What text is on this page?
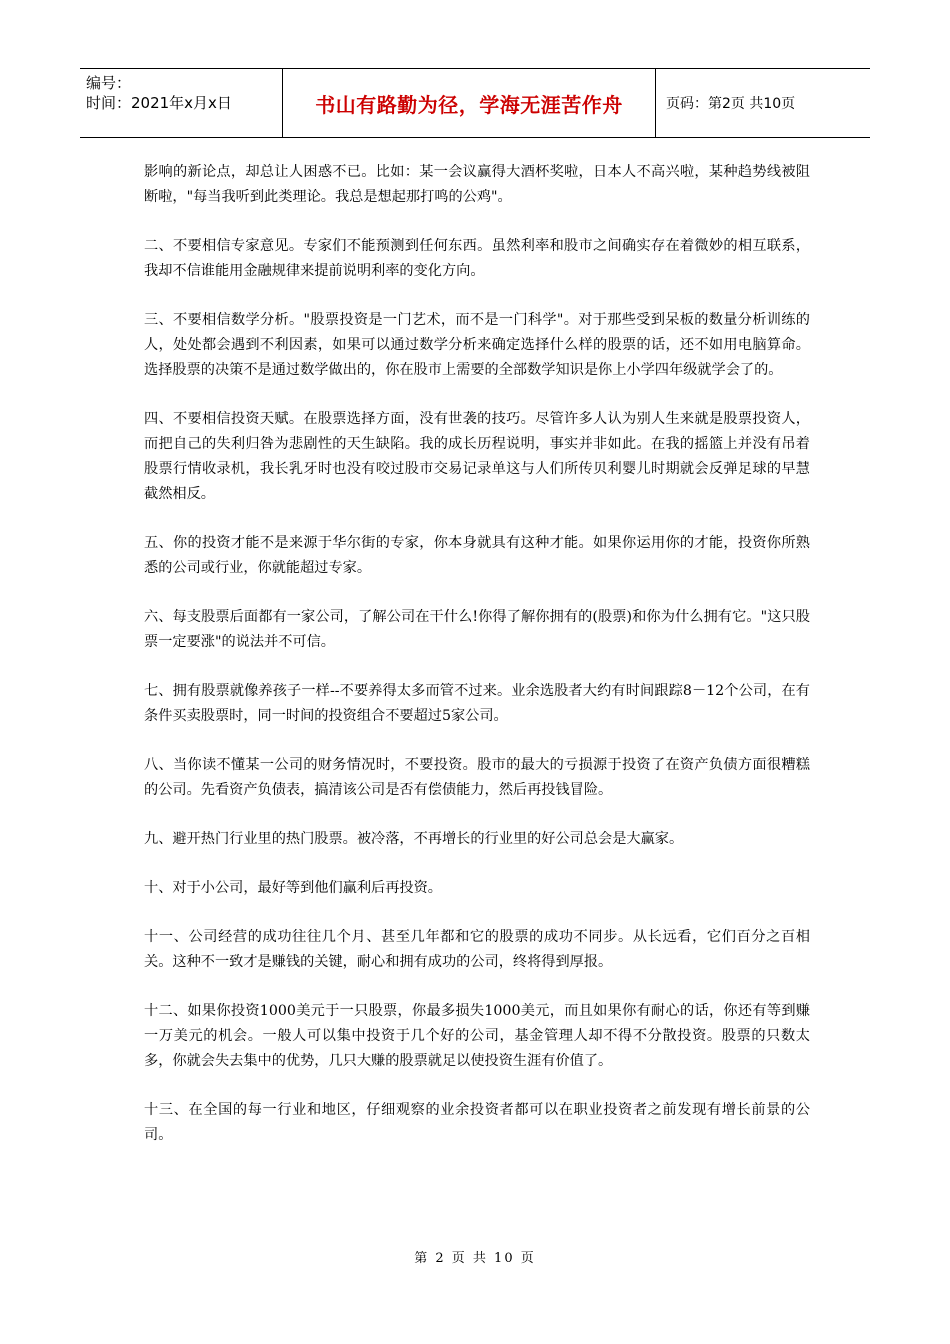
编号：
时间：2021年x月x日	书山有路勤为径，学海无涯苦作舟	页码：第2页 共10页

影响的新论点，却总让人困惑不已。比如：某一会议赢得大酒杯奖啦，日本人不高兴啦，某种趋势线被阻断啦，"每当我听到此类理论。我总是想起那打鸣的公鸡"。

二、不要相信专家意见。专家们不能预测到任何东西。虽然利率和股市之间确实存在着微妙的相互联系，我却不信谁能用金融规律来提前说明利率的变化方向。

三、不要相信数学分析。"股票投资是一门艺术，而不是一门科学"。对于那些受到呆板的数量分析训练的人，处处都会遇到不利因素，如果可以通过数学分析来确定选择什么样的股票的话，还不如用电脑算命。选择股票的决策不是通过数学做出的，你在股市上需要的全部数学知识是你上小学四年级就学会了的。

四、不要相信投资天赋。在股票选择方面，没有世袭的技巧。尽管许多人认为别人生来就是股票投资人，而把自己的失利归咎为悲剧性的天生缺陷。我的成长历程说明，事实并非如此。在我的摇篮上并没有吊着股票行情收录机，我长乳牙时也没有咬过股市交易记录单这与人们所传贝利婴儿时期就会反弹足球的早慧截然相反。

五、你的投资才能不是来源于华尔街的专家，你本身就具有这种才能。如果你运用你的才能，投资你所熟悉的公司或行业，你就能超过专家。

六、每支股票后面都有一家公司，了解公司在干什么!你得了解你拥有的(股票)和你为什么拥有它。"这只股票一定要涨"的说法并不可信。

七、拥有股票就像养孩子一样--不要养得太多而管不过来。业余选股者大约有时间跟踪8－12个公司，在有条件买卖股票时，同一时间的投资组合不要超过5家公司。

八、当你读不懂某一公司的财务情况时，不要投资。股市的最大的亏损源于投资了在资产负债方面很糟糕的公司。先看资产负债表，搞清该公司是否有偿债能力，然后再投钱冒险。

九、避开热门行业里的热门股票。被冷落，不再增长的行业里的好公司总会是大赢家。

十、对于小公司，最好等到他们赢利后再投资。

十一、公司经营的成功往往几个月、甚至几年都和它的股票的成功不同步。从长远看，它们百分之百相关。这种不一致才是赚钱的关键，耐心和拥有成功的公司，终将得到厚报。

十二、如果你投资1000美元于一只股票，你最多损失1000美元，而且如果你有耐心的话，你还有等到赚一万美元的机会。一般人可以集中投资于几个好的公司，基金管理人却不得不分散投资。股票的只数太多，你就会失去集中的优势，几只大赚的股票就足以使投资生涯有价值了。

十三、在全国的每一行业和地区，仔细观察的业余投资者都可以在职业投资者之前发现有增长前景的公司。

第 2 页 共 10 页
